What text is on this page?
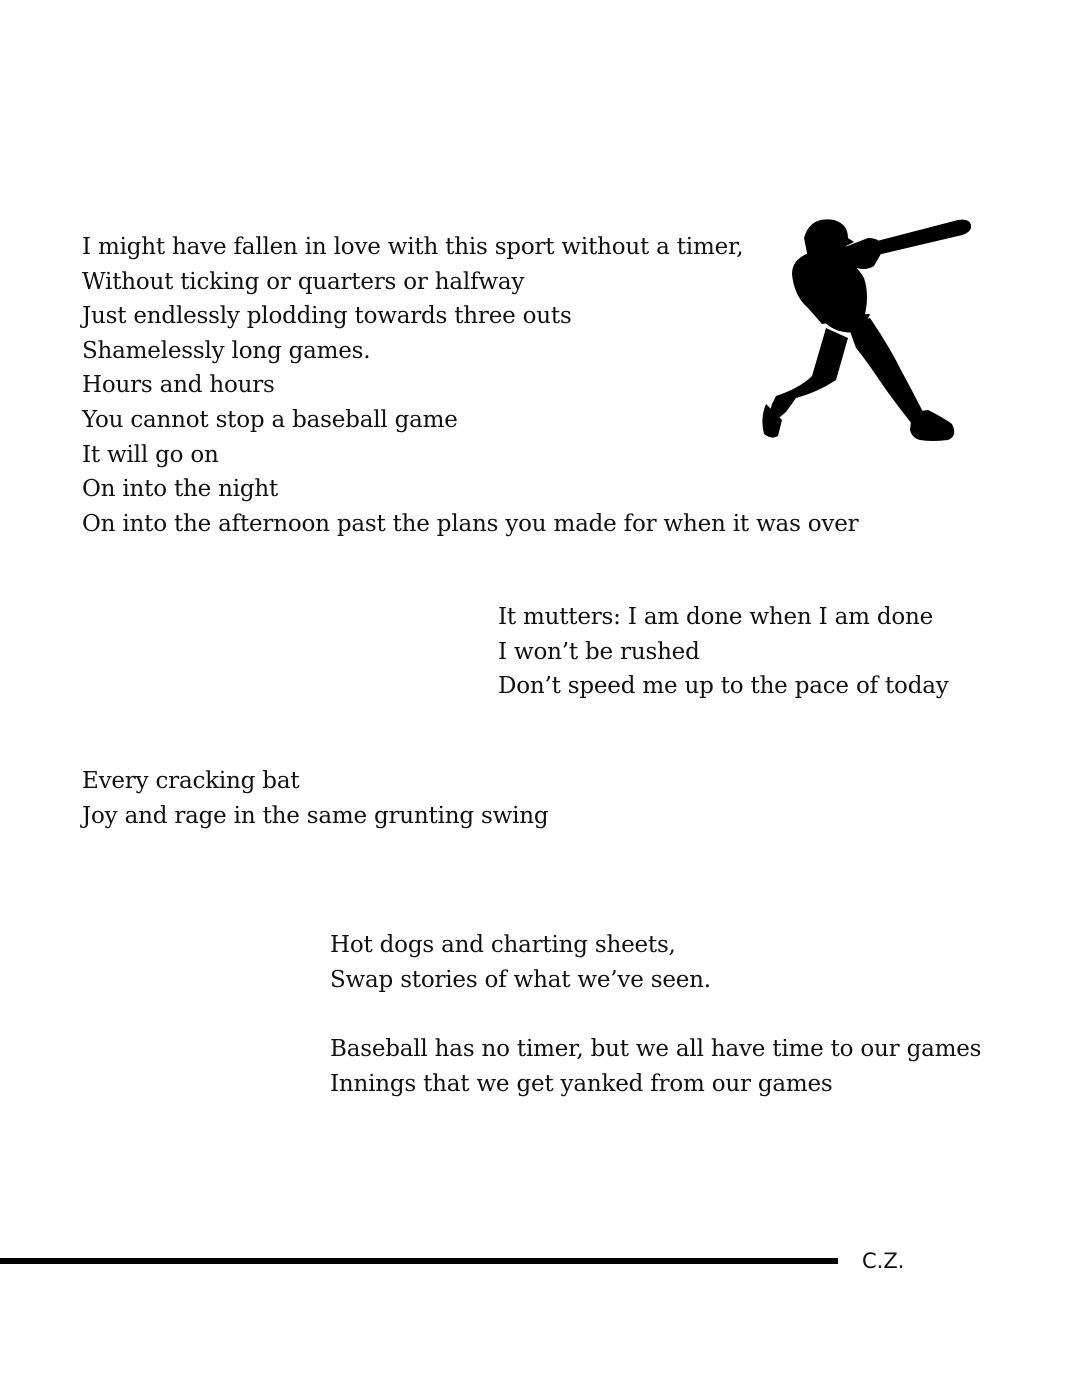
I might have fallen in love with this sport without a timer,
Without ticking or quarters or halfway
Just endlessly plodding towards three outs
Shamelessly long games.
Hours and hours
You cannot stop a baseball game
It will go on
On into the night
On into the afternoon past the plans you made for when it was over
It mutters: I am done when I am done
I won’t be rushed
Don’t speed me up to the pace of today
Every cracking bat
Joy and rage in the same grunting swing
Hot dogs and charting sheets,
Swap stories of what we’ve seen.
Baseball has no timer, but we all have time to our games
Innings that we get yanked from our games
C.Z.
